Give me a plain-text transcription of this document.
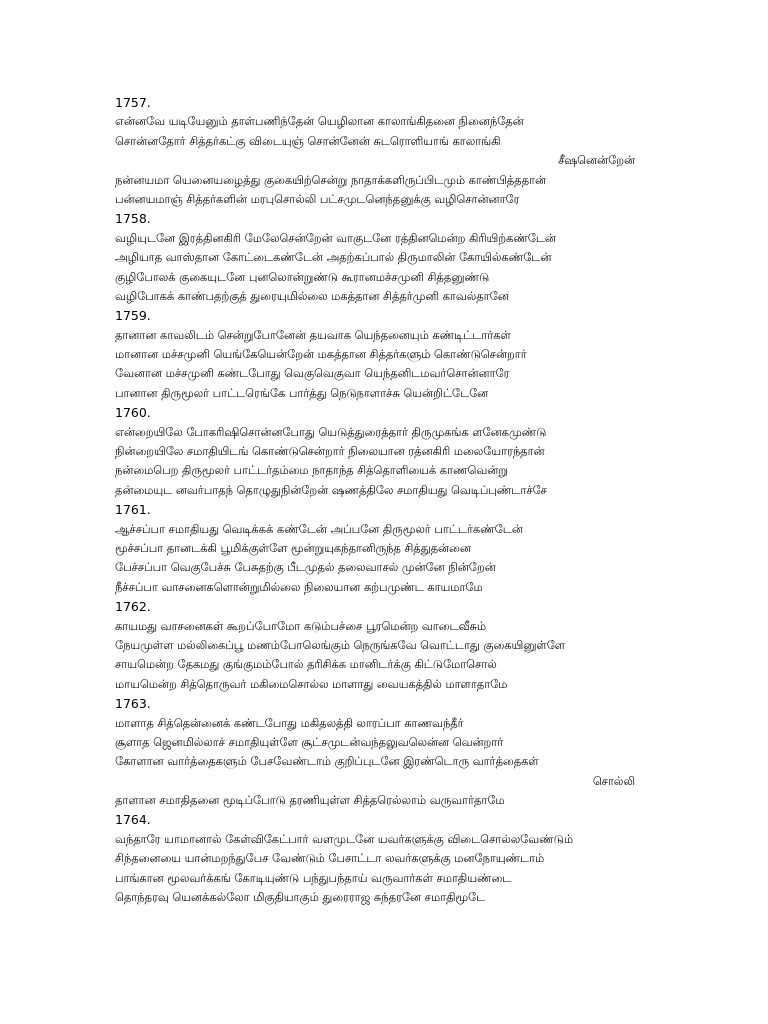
1757.
என்னவே யடியேனும் தாள்பணிந்தேன் யெழிலான காலாங்கிதனை நினைந்தேன்
சொன்னதோர் சித்தர்கட்கு விடையுஞ் சொன்னேன் சுடரொளியாங் காலாங்கி
சீஷனென்றேன்
நன்னயமா யெனையழைத்து குகையிற்சென்று நாதாக்களிருப்பிடமும் காண்பித்ததான்
பன்னயமாஞ் சித்தர்களின் மரபுசொல்லி பட்சமுடனெந்தனுக்கு வழிசொன்னாரே
1758.
வழியுடனே இரத்தினகிரி மேலேசென்றேன் வாகுடனே ரத்தினமென்ற கிரியிற்கண்டேன்
அழியாத வாஸ்தான கோட்டைகண்டேன் அதற்கப்பால் திருமாலின் கோயில்கண்டேன்
குழிபோலக் குகையுடனே புனலொன்றுண்டு கூரானமச்சமுனி சித்தனுண்டு
வழிபோகக் காண்பதற்குத் துரையுமில்லை மகத்தான சித்தர்முனி காவல்தானே
1759.
தானான காவலிடம் சென்றுபோனேன் தயவாக யெந்தனையும் கண்டிட்டார்கள்
மானான மச்சமுனி யெங்கேயென்றேன் மகத்தான சித்தர்களும் கொண்டுசென்றார்
வேனான மச்சமுனி கண்டபோது வெகுவெகுவா யெந்தனிடமவர்சொன்னாரே
பானான திருமூலர் பாட்டரெங்கே பார்த்து நெடுநாளாச்சு யென்றிட்டேனே
1760.
என்றையிலே போகரிஷிசொன்னபோது யெடுத்துரைத்தார் திருமுகங்க ளனேகமுண்டு
நின்றையிலே சமாதியிடங் கொண்டுசென்றார் நிலையான ரத்னகிரி மலையோரந்தான்
நன்மைபெற திருமூலர் பாட்டர்தம்மை நாதாந்த சித்தொளியைக் காணவென்று
தன்மையுட னவர்பாதந் தொழுதுநின்றேன் ஷணத்திலே சமாதியது வெடிப்புண்டாச்சே
1761.
ஆச்சப்பா சமாதியது வெடிக்கக் கண்டேன் அப்பனே திருமூலர் பாட்டர்கண்டேன்
மூச்சப்பா தானடக்கி பூமிக்குள்ளே மூன்றுயுகந்தானிருந்த சித்துதன்னை
பேச்சப்பா வெகுபேச்சு பேசுதற்கு பீடமுதல் தலைவாசல் முன்னே நின்றேன்
நீச்சப்பா வாசனைகளொன்றுமில்லை நிலையான கற்பமுண்ட காயமாமே
1762.
காயமது வாசனைகள் கூறப்போமோ கடும்பச்சை பூரமென்ற வாடைவீசும்
நேயமுள்ள மல்லிகைப்பூ மணம்போலெங்கும் நெருங்கவே வொட்டாது குகையினுள்ளே
சாயமென்ற தேகமது குங்குமம்போல் தரிசிக்க மானிடர்க்கு கிட்டுமோசொல்
மாயமென்ற சித்தொருவர் மகிமைசொல்ல மாளாது வையகத்தில் மாளாதாமே
1763.
மாளாத சித்தென்னைக் கண்டபோது மகிதலத்தி லாரப்பா காணவந்தீர்
சூளாத ஜெனமில்லாச் சமாதியுள்ளே சூட்சமுடன்வந்தலுவலென்ன வென்றார்
கோளான வார்த்தைகளும் பேசவேண்டாம் குறிப்புடனே இரண்டொரு வார்த்தைகள்
சொல்லி
தாளான சமாதிதனை மூடிப்போடு தரணியுள்ள சித்தரெல்லாம் வருவார்தாமே
1764.
வந்தாரே யாமானால் கேள்விகேட்பார் வளமுடனே யவர்களுக்கு விடைசொல்லவேண்டும்
சிந்தனையை யான்மறந்துபேச வேண்டும் பேசாட்டா லவர்களுக்கு மனநோயுண்டாம்
பாங்கான மூலவர்க்கங் கோடியுண்டு பந்துபந்தாய் வருவார்கள் சமாதியண்டை
தொந்தரவு யெனக்கல்லோ மிகுதியாகும் துரைராஜ சுந்தரனே சமாதிமூடே
